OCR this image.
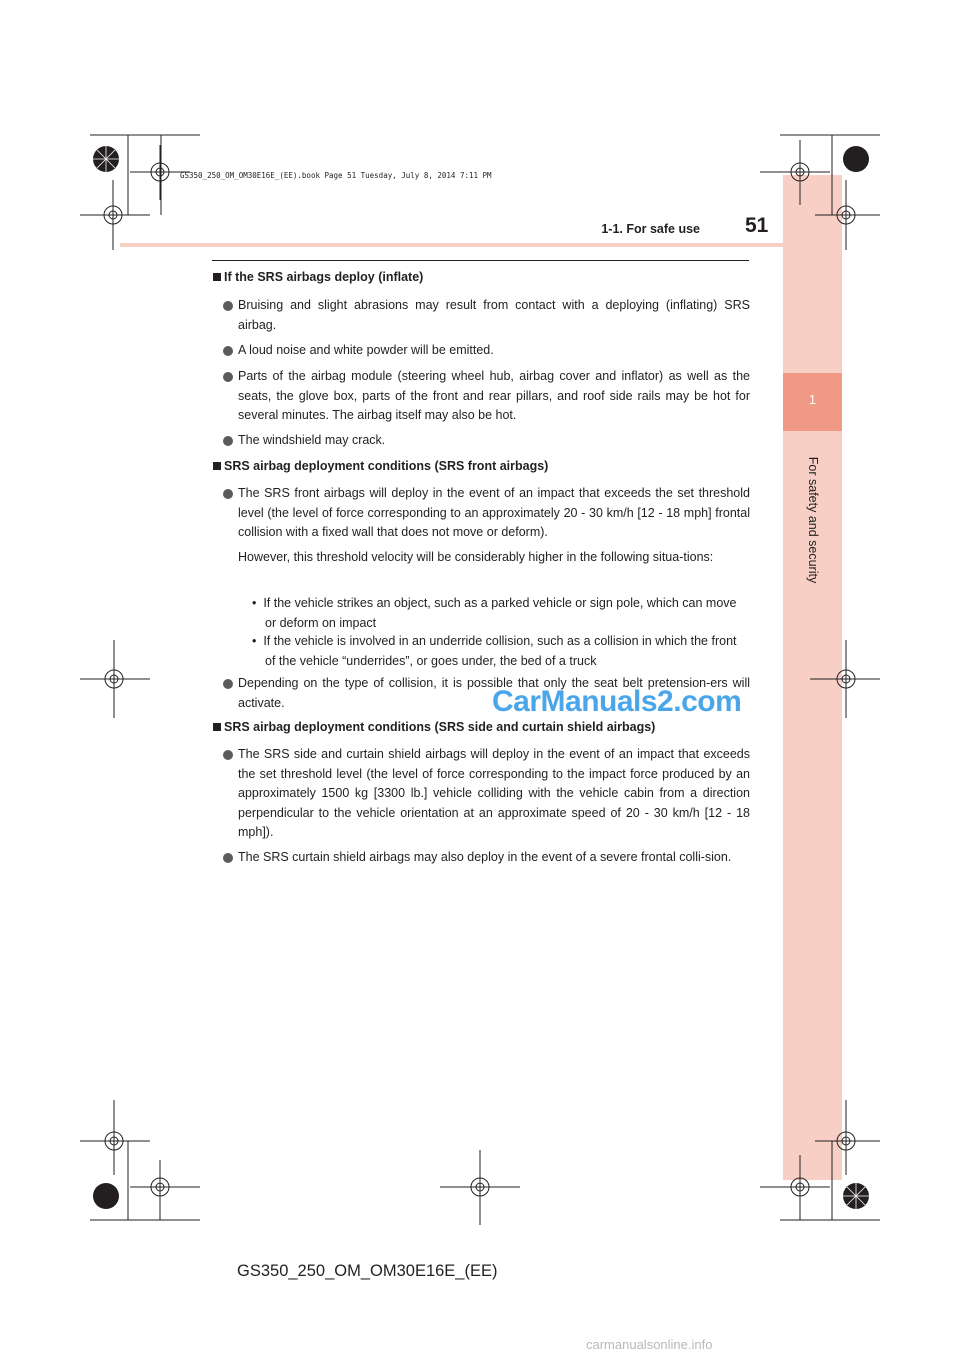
1
For safety and security
1-1. For safe use 51
GS350_250_OM_OM30E16E_(EE).book Page 51 Tuesday, July 8, 2014 7:11 PM
If the SRS airbags deploy (inflate)
Bruising and slight abrasions may result from contact with a deploying (inflating) SRS airbag.
A loud noise and white powder will be emitted.
Parts of the airbag module (steering wheel hub, airbag cover and inflator) as well as the seats, the glove box, parts of the front and rear pillars, and roof side rails may be hot for several minutes. The airbag itself may also be hot.
The windshield may crack.
SRS airbag deployment conditions (SRS front airbags)
The SRS front airbags will deploy in the event of an impact that exceeds the set threshold level (the level of force corresponding to an approximately 20 - 30 km/h [12 - 18 mph] frontal collision with a fixed wall that does not move or deform).
However, this threshold velocity will be considerably higher in the following situa-tions:
•  If the vehicle strikes an object, such as a parked vehicle or sign pole, which can move or deform on impact
•  If the vehicle is involved in an underride collision, such as a collision in which the front of the vehicle “underrides”, or goes under, the bed of a truck
Depending on the type of collision, it is possible that only the seat belt pretension-ers will activate.
SRS airbag deployment conditions (SRS side and curtain shield airbags)
The SRS side and curtain shield airbags will deploy in the event of an impact that exceeds the set threshold level (the level of force corresponding to the impact force produced by an approximately 1500 kg [3300 lb.] vehicle colliding with the vehicle cabin from a direction perpendicular to the vehicle orientation at an approximate speed of 20 - 30 km/h [12 - 18 mph]).
The SRS curtain shield airbags may also deploy in the event of a severe frontal colli-sion.
CarManuals2.com
GS350_250_OM_OM30E16E_(EE)
carmanualsonline.info
